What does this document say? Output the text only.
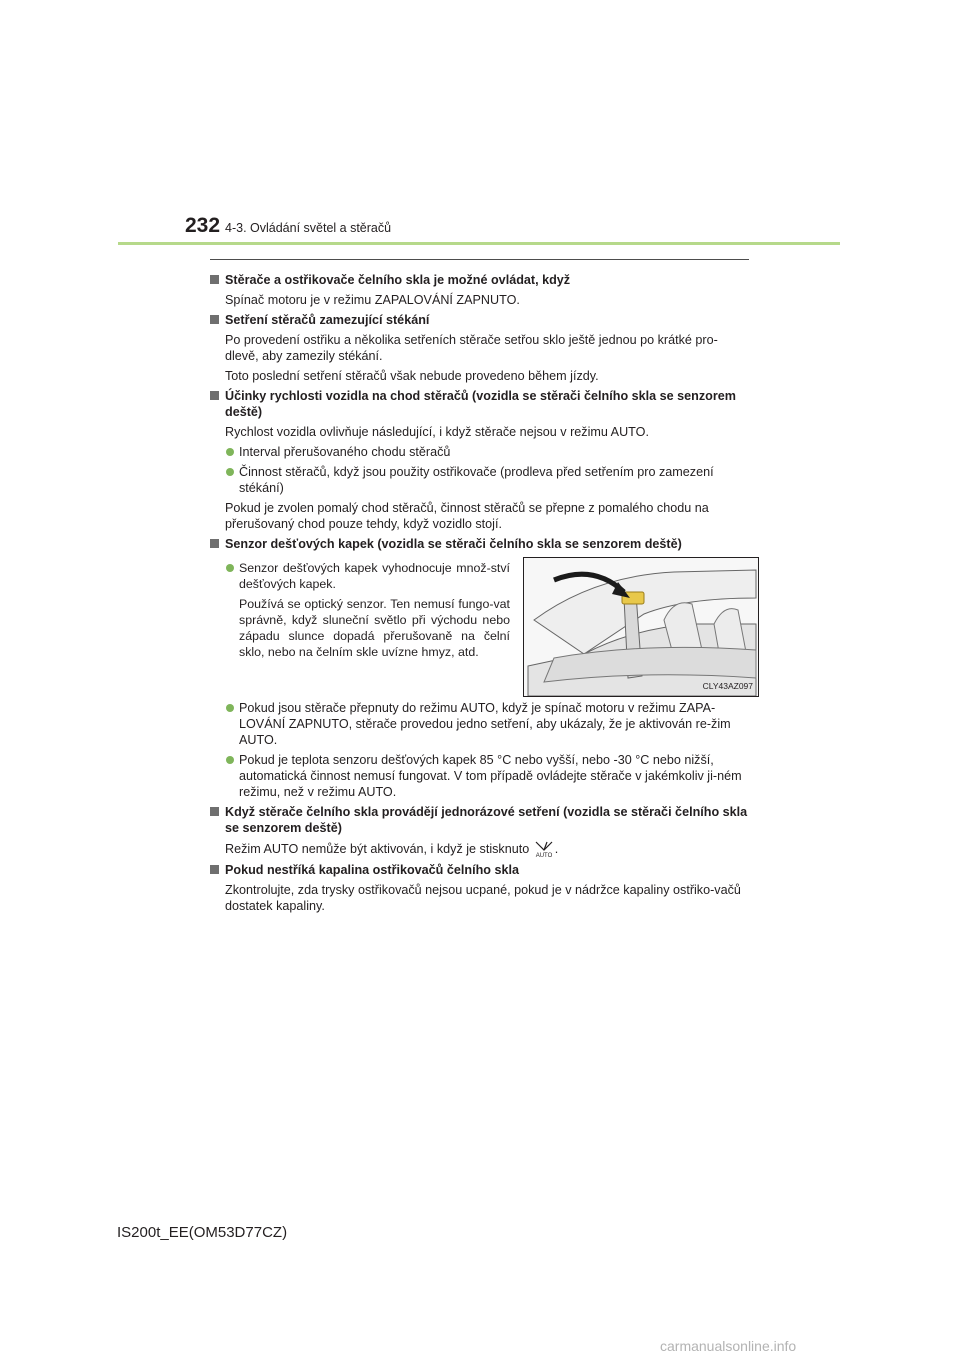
232 4-3. Ovládání světel a stěračů
Stěrače a ostřikovače čelního skla je možné ovládat, když
Spínač motoru je v režimu ZAPALOVÁNÍ ZAPNUTO.
Setření stěračů zamezující stékání
Po provedení ostřiku a několika setřeních stěrače setřou sklo ještě jednou po krátké pro-dlevě, aby zamezily stékání.
Toto poslední setření stěračů však nebude provedeno během jízdy.
Účinky rychlosti vozidla na chod stěračů (vozidla se stěrači čelního skla se senzorem deště)
Rychlost vozidla ovlivňuje následující, i když stěrače nejsou v režimu AUTO.
Interval přerušovaného chodu stěračů
Činnost stěračů, když jsou použity ostřikovače (prodleva před setřením pro zamezení stékání)
Pokud je zvolen pomalý chod stěračů, činnost stěračů se přepne z pomalého chodu na přerušovaný chod pouze tehdy, když vozidlo stojí.
Senzor dešťových kapek (vozidla se stěrači čelního skla se senzorem deště)
Senzor dešťových kapek vyhodnocuje množ-ství dešťových kapek.
Používá se optický senzor. Ten nemusí fungo-vat správně, když sluneční světlo při východu nebo západu slunce dopadá přerušovaně na čelní sklo, nebo na čelním skle uvízne hmyz, atd.
CLY43AZ097
Pokud jsou stěrače přepnuty do režimu AUTO, když je spínač motoru v režimu ZAPA-LOVÁNÍ ZAPNUTO, stěrače provedou jedno setření, aby ukázaly, že je aktivován re-žim AUTO.
Pokud je teplota senzoru dešťových kapek 85 °C nebo vyšší, nebo -30 °C nebo nižší, automatická činnost nemusí fungovat. V tom případě ovládejte stěrače v jakémkoliv ji-ném režimu, než v režimu AUTO.
Když stěrače čelního skla provádějí jednorázové setření (vozidla se stěrači čelního skla se senzorem deště)
Režim AUTO nemůže být aktivován, i když je stisknuto AUTO .
Pokud nestříká kapalina ostřikovačů čelního skla
Zkontrolujte, zda trysky ostřikovačů nejsou ucpané, pokud je v nádržce kapaliny ostřiko-vačů dostatek kapaliny.
IS200t_EE(OM53D77CZ)
carmanualsonline.info
